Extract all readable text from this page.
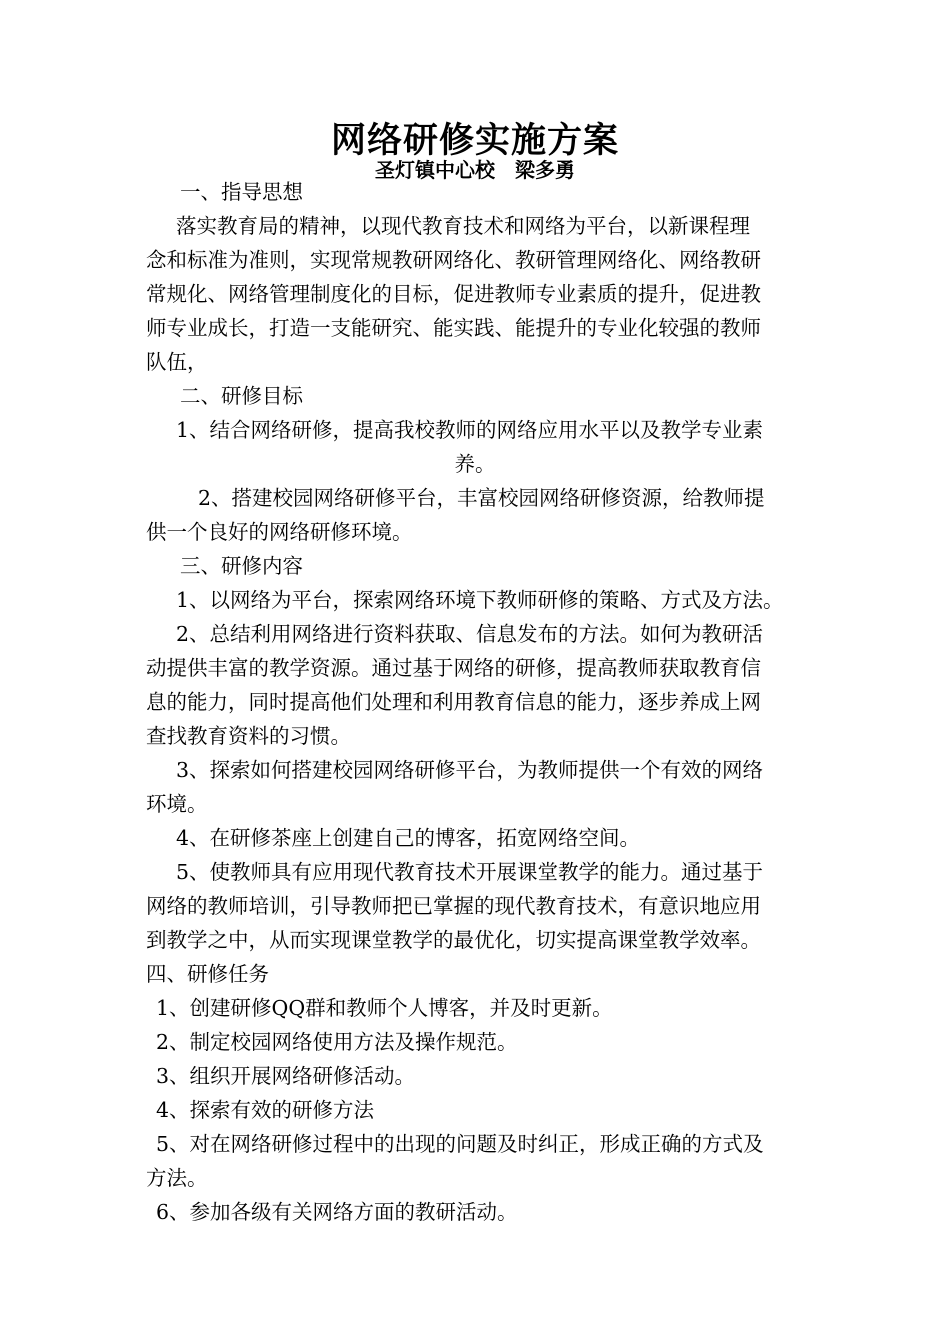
网络研修实施方案
圣灯镇中心校　梁多勇
一、指导思想
落实教育局的精神，以现代教育技术和网络为平台，以新课程理
念和标准为准则，实现常规教研网络化、教研管理网络化、网络教研
常规化、网络管理制度化的目标，促进教师专业素质的提升，促进教
师专业成长，打造一支能研究、能实践、能提升的专业化较强的教师
队伍，
二、研修目标
1、结合网络研修，提高我校教师的网络应用水平以及教学专业素
养。
2、搭建校园网络研修平台，丰富校园网络研修资源，给教师提
供一个良好的网络研修环境。
三、研修内容
1、以网络为平台，探索网络环境下教师研修的策略、方式及方法。
2、总结利用网络进行资料获取、信息发布的方法。如何为教研活
动提供丰富的教学资源。通过基于网络的研修，提高教师获取教育信
息的能力，同时提高他们处理和利用教育信息的能力，逐步养成上网
查找教育资料的习惯。
3、探索如何搭建校园网络研修平台，为教师提供一个有效的网络
环境。
4、在研修茶座上创建自己的博客，拓宽网络空间。
5、使教师具有应用现代教育技术开展课堂教学的能力。通过基于
网络的教师培训，引导教师把已掌握的现代教育技术，有意识地应用
到教学之中，从而实现课堂教学的最优化，切实提高课堂教学效率。
四、研修任务
1、创建研修QQ群和教师个人博客，并及时更新。
2、制定校园网络使用方法及操作规范。
3、组织开展网络研修活动。
4、探索有效的研修方法
5、对在网络研修过程中的出现的问题及时纠正，形成正确的方式及
方法。
6、参加各级有关网络方面的教研活动。
